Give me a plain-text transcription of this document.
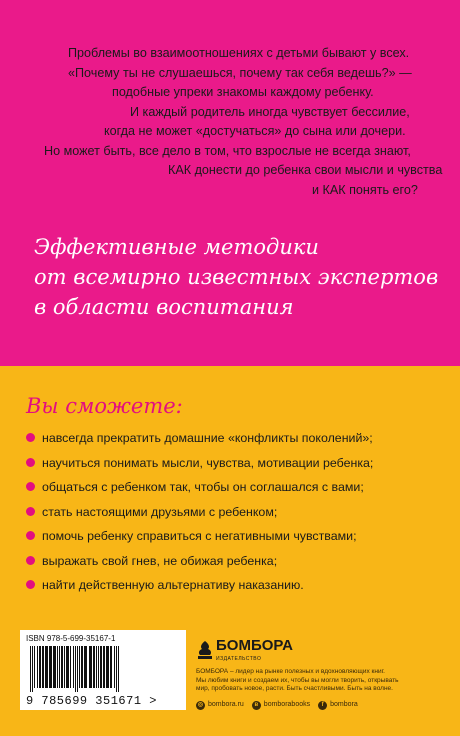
Проблемы во взаимоотношениях с детьми бывают у всех.
«Почему ты не слушаешься, почему так себя ведешь?» —
подобные упреки знакомы каждому ребенку.
И каждый родитель иногда чувствует бессилие,
когда не может «достучаться» до сына или дочери.
Но может быть, все дело в том, что взрослые не всегда знают,
КАК донести до ребенка свои мысли и чувства
и КАК понять его?
Эффективные методики
от всемирно известных экспертов
в области воспитания
Вы сможете:
навсегда прекратить домашние «конфликты поколений»;
научиться понимать мысли, чувства, мотивации ребенка;
общаться с ребенком так, чтобы он соглашался с вами;
стать настоящими друзьями с ребенком;
помочь ребенку справиться с негативными чувствами;
выражать свой гнев, не обижая ребенка;
найти действенную альтернативу наказанию.
ISBN 978-5-699-35167-1
9 785699 351671 >
БОМБОРА
ИЗДАТЕЛЬСТВО
БОМБОРА – лидер на рынке полезных и вдохновляющих книг.
Мы любим книги и создаем их, чтобы вы могли творить, открывать
мир, пробовать новое, расти. Быть счастливыми. Быть на волне.
◎ bombora.ru	в bomborabooks	f bombora
